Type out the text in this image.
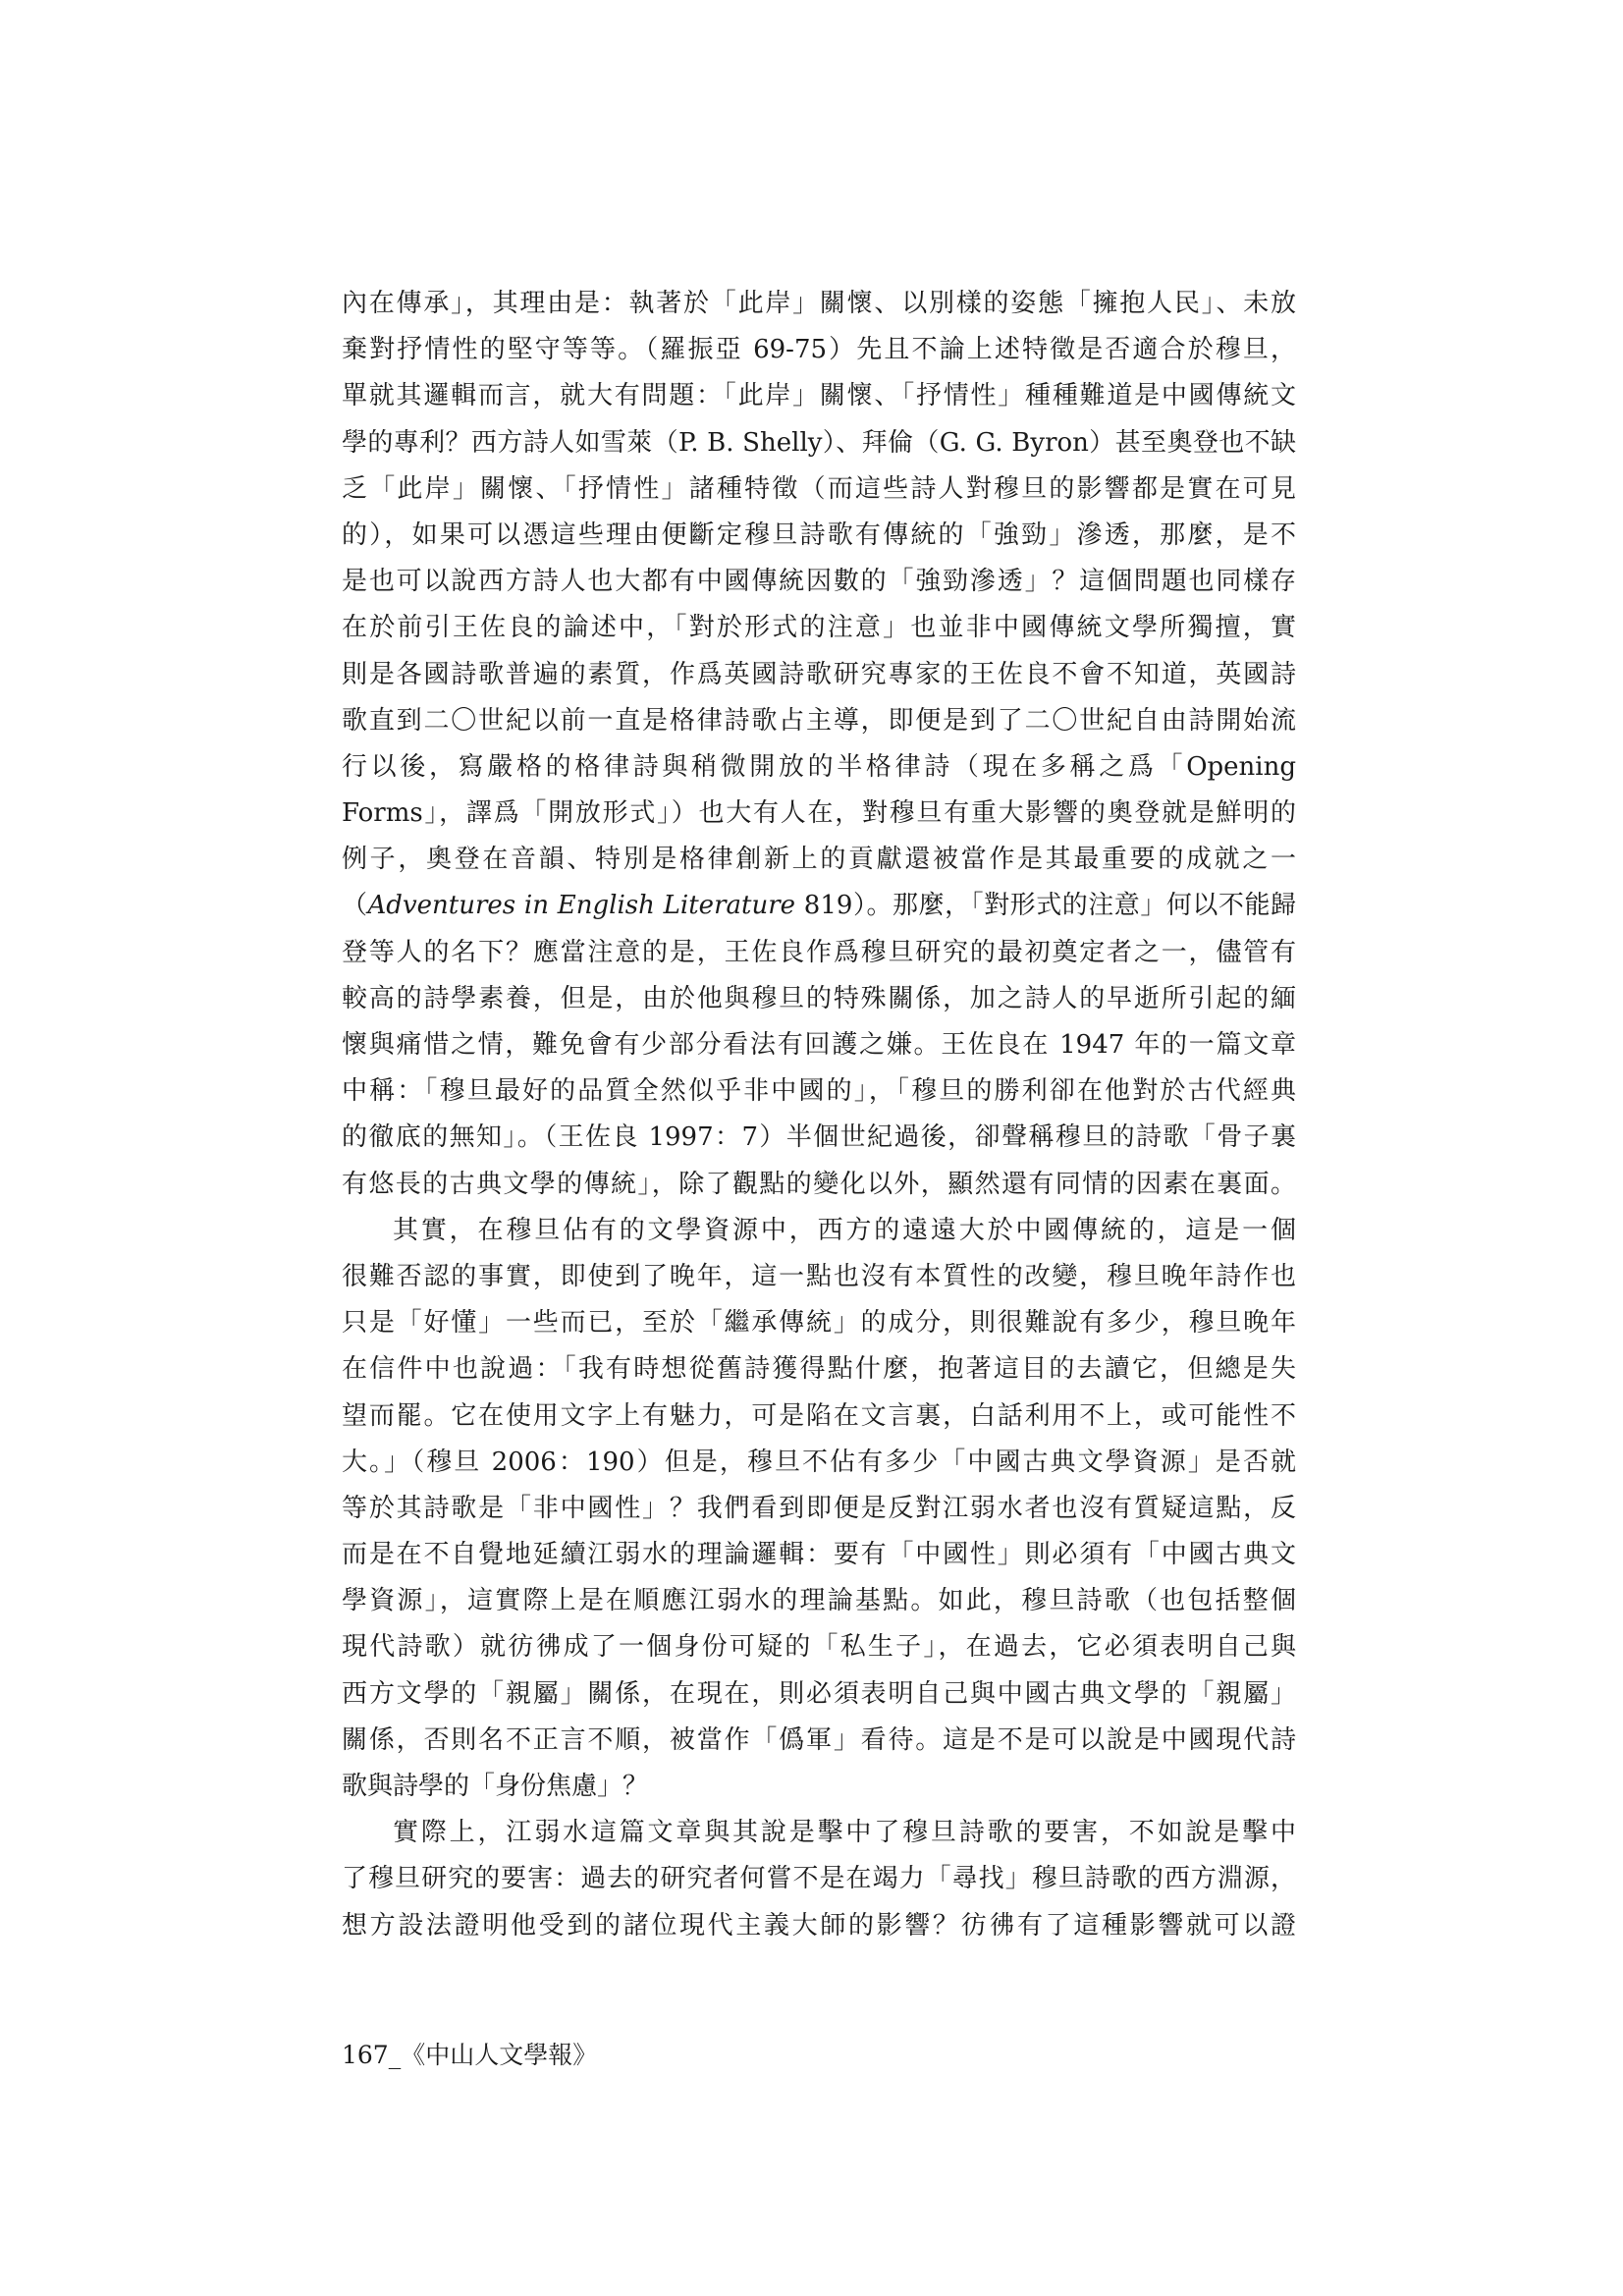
內在傳承」，其理由是：執著於「此岸」關懷、以別樣的姿態「擁抱人民」、未放
棄對抒情性的堅守等等。（羅振亞 69-75）先且不論上述特徵是否適合於穆旦，
單就其邏輯而言，就大有問題：「此岸」關懷、「抒情性」種種難道是中國傳統文
學的專利？西方詩人如雪萊（P. B. Shelly）、拜倫（G. G. Byron）甚至奧登也不缺
乏「此岸」關懷、「抒情性」諸種特徵（而這些詩人對穆旦的影響都是實在可見
的），如果可以憑這些理由便斷定穆旦詩歌有傳統的「強勁」滲透，那麼，是不
是也可以說西方詩人也大都有中國傳統因數的「強勁滲透」？這個問題也同樣存
在於前引王佐良的論述中，「對於形式的注意」也並非中國傳統文學所獨擅，實
則是各國詩歌普遍的素質，作爲英國詩歌研究專家的王佐良不會不知道，英國詩
歌直到二〇世紀以前一直是格律詩歌占主導，即便是到了二〇世紀自由詩開始流
行以後，寫嚴格的格律詩與稍微開放的半格律詩（現在多稱之爲「Opening
Forms」，譯爲「開放形式」）也大有人在，對穆旦有重大影響的奧登就是鮮明的
例子，奧登在音韻、特別是格律創新上的貢獻還被當作是其最重要的成就之一
（Adventures in English Literature 819）。那麼，「對形式的注意」何以不能歸
登等人的名下？應當注意的是，王佐良作爲穆旦研究的最初奠定者之一，儘管有
較高的詩學素養，但是，由於他與穆旦的特殊關係，加之詩人的早逝所引起的緬
懷與痛惜之情，難免會有少部分看法有回護之嫌。王佐良在 1947 年的一篇文章
中稱：「穆旦最好的品質全然似乎非中國的」，「穆旦的勝利卻在他對於古代經典
的徹底的無知」。（王佐良 1997：7）半個世紀過後，卻聲稱穆旦的詩歌「骨子裏
有悠長的古典文學的傳統」，除了觀點的變化以外，顯然還有同情的因素在裏面。
其實，在穆旦佔有的文學資源中，西方的遠遠大於中國傳統的，這是一個
很難否認的事實，即使到了晚年，這一點也沒有本質性的改變，穆旦晚年詩作也
只是「好懂」一些而已，至於「繼承傳統」的成分，則很難說有多少，穆旦晚年
在信件中也說過：「我有時想從舊詩獲得點什麼，抱著這目的去讀它，但總是失
望而罷。它在使用文字上有魅力，可是陷在文言裏，白話利用不上，或可能性不
大。」（穆旦 2006：190）但是，穆旦不佔有多少「中國古典文學資源」是否就
等於其詩歌是「非中國性」？我們看到即便是反對江弱水者也沒有質疑這點，反
而是在不自覺地延續江弱水的理論邏輯：要有「中國性」則必須有「中國古典文
學資源」，這實際上是在順應江弱水的理論基點。如此，穆旦詩歌（也包括整個
現代詩歌）就彷彿成了一個身份可疑的「私生子」，在過去，它必須表明自己與
西方文學的「親屬」關係，在現在，則必須表明自己與中國古典文學的「親屬」
關係，否則名不正言不順，被當作「僞軍」看待。這是不是可以說是中國現代詩
歌與詩學的「身份焦慮」？
實際上，江弱水這篇文章與其說是擊中了穆旦詩歌的要害，不如說是擊中
了穆旦研究的要害：過去的研究者何嘗不是在竭力「尋找」穆旦詩歌的西方淵源，
想方設法證明他受到的諸位現代主義大師的影響？彷彿有了這種影響就可以證
167_《中山人文學報》
